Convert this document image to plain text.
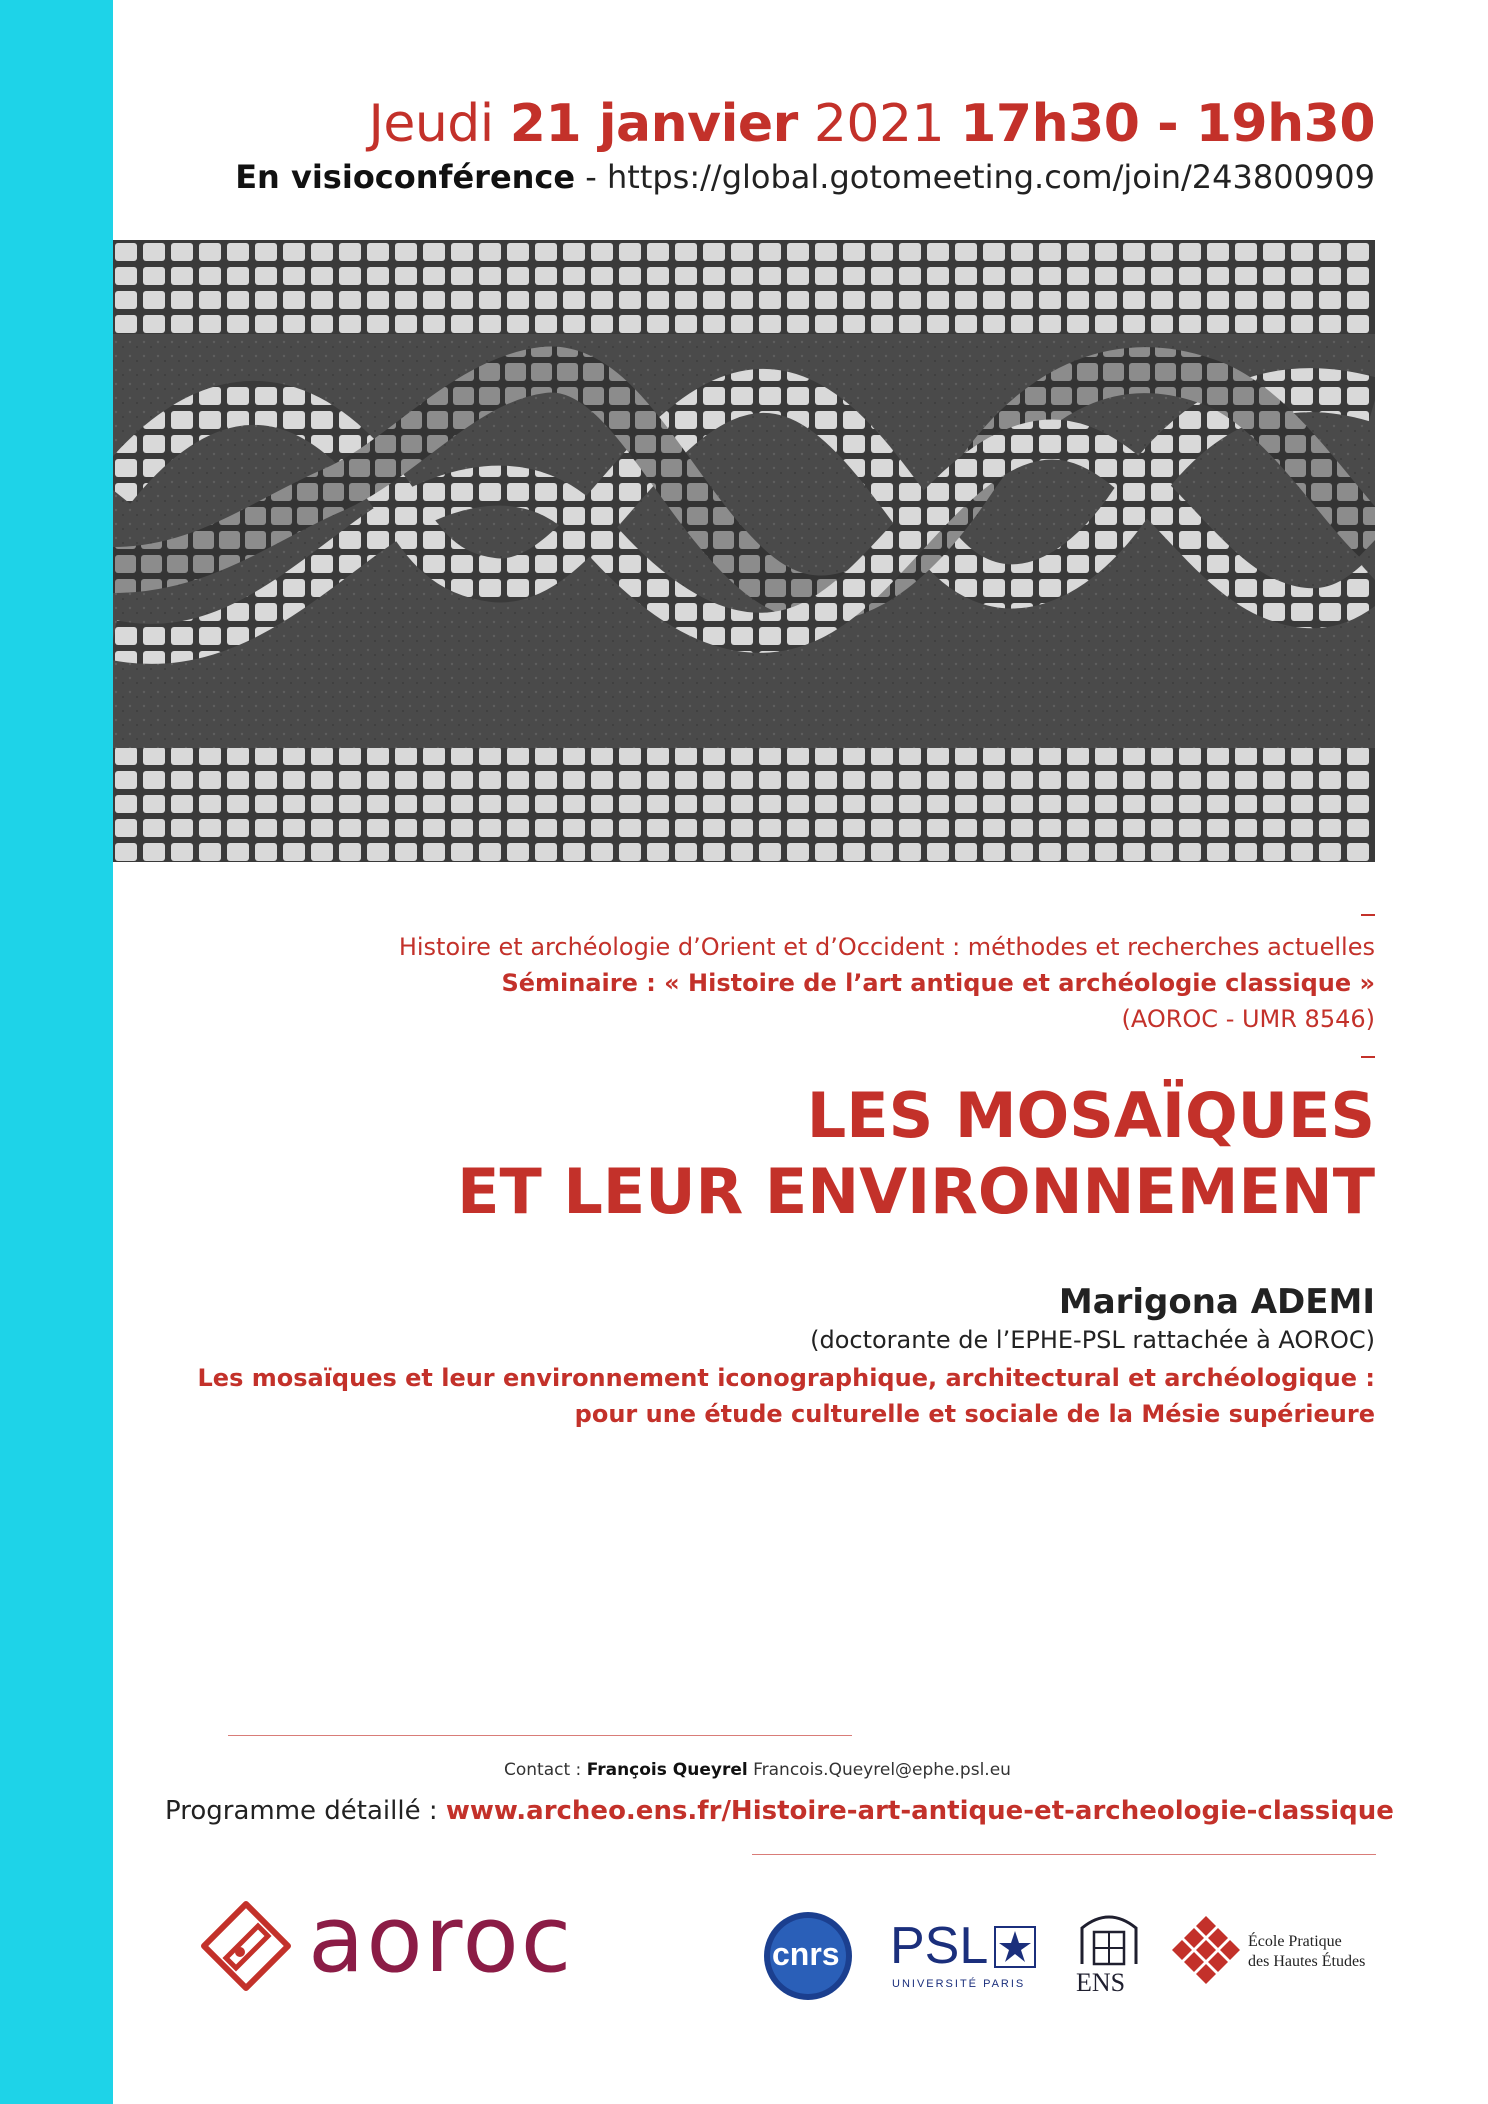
Jeudi 21 janvier 2021 17h30 - 19h30
En visioconférence - https://global.gotomeeting.com/join/243800909
Histoire et archéologie d’Orient et d’Occident : méthodes et recherches actuelles
Séminaire : « Histoire de l’art antique et archéologie classique »
(AOROC - UMR 8546)
LES MOSAÏQUES
ET LEUR ENVIRONNEMENT
Marigona ADEMI
(doctorante de l’EPHE-PSL rattachée à AOROC)
Les mosaïques et leur environnement iconographique, architectural et archéologique :
pour une étude culturelle et sociale de la Mésie supérieure
Contact : François Queyrel Francois.Queyrel@ephe.psl.eu
Programme détaillé : www.archeo.ens.fr/Histoire-art-antique-et-archeologie-classique
aoroc	cnrs PSL
UNIVERSITÉ PARIS ENS
École Pratique
des Hautes Études
